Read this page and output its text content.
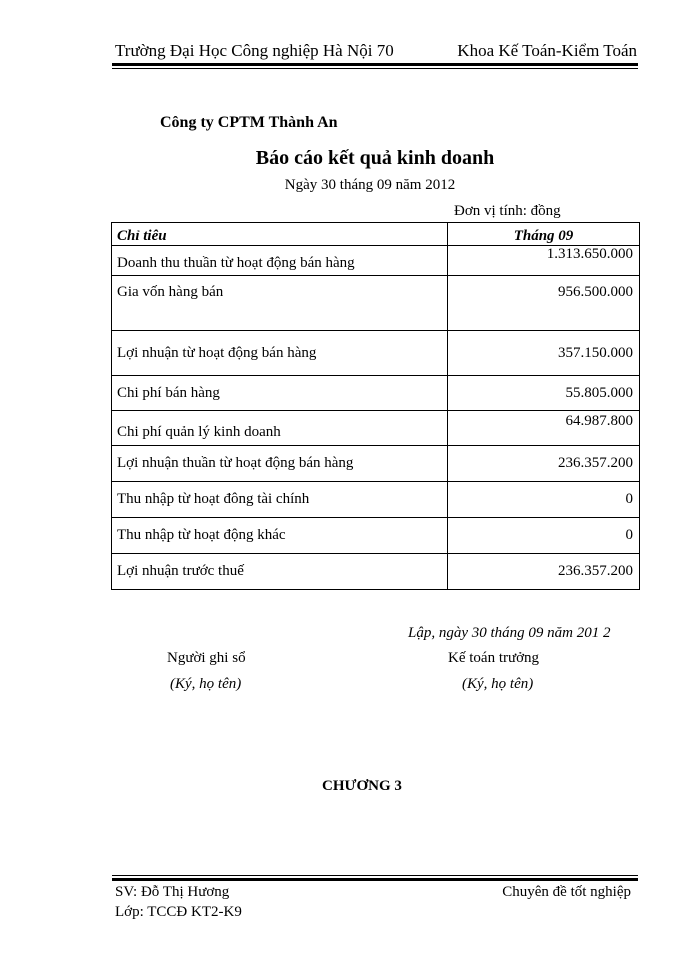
Trường Đại Học Công nghiệp Hà Nội 70	Khoa Kế Toán-Kiểm Toán
Công ty CPTM Thành An
Báo cáo kết quả kinh doanh
Ngày 30 tháng 09 năm 2012
Đơn vị tính: đồng
Chỉ tiêu	Tháng 09
Doanh thu thuần từ hoạt động bán hàng	1.313.650.000
Gia vốn hàng bán	956.500.000
Lợi nhuận từ hoạt động bán hàng	357.150.000
Chi phí bán hàng	55.805.000
Chi phí quản lý kinh doanh	64.987.800
Lợi nhuận thuần từ hoạt động bán hàng	236.357.200
Thu nhập từ hoạt đông tài chính	0
Thu nhập từ hoạt động khác	0
Lợi nhuận trước thuế	236.357.200
Lập, ngày 30 tháng 09 năm 201 2
Người ghi sổ	Kế toán trưởng
(Ký, họ tên)	(Ký, họ tên)
CHƯƠNG 3
SV: Đỗ Thị Hương	Chuyên đề tốt nghiệp
Lớp: TCCĐ KT2-K9
